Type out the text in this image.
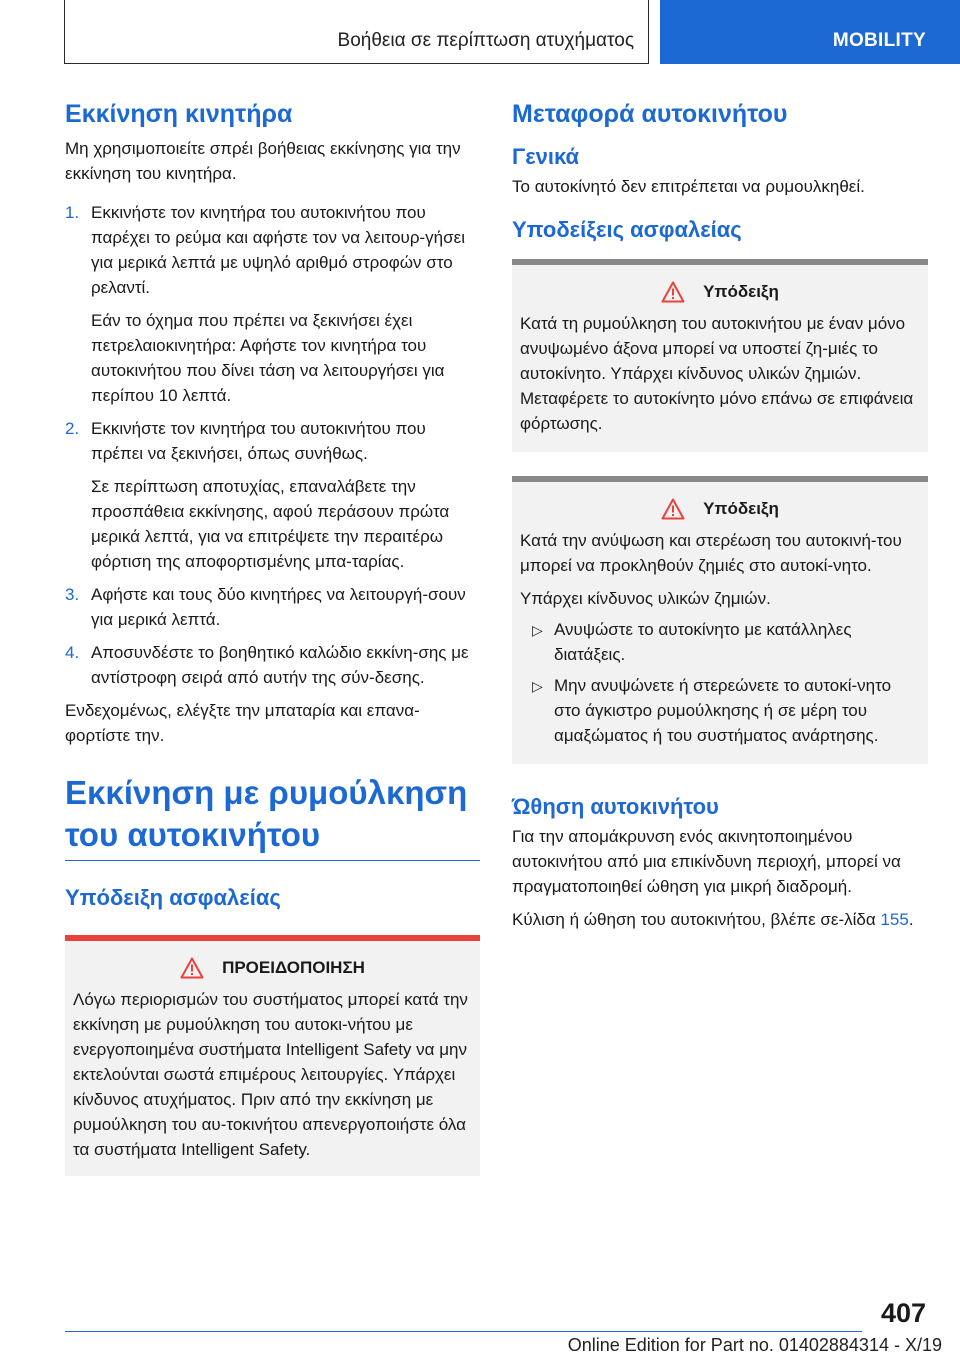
Βοήθεια σε περίπτωση ατυχήματος	MOBILITY
Εκκίνηση κινητήρα

Μη χρησιμοποιείτε σπρέι βοήθειας εκκίνησης για την εκκίνηση του κινητήρα.

1. Εκκινήστε τον κινητήρα του αυτοκινήτου που παρέχει το ρεύμα και αφήστε τον να λειτουρ-γήσει για μερικά λεπτά με υψηλό αριθμό στροφών στο ρελαντί.

Εάν το όχημα που πρέπει να ξεκινήσει έχει πετρελαιοκινητήρα: Αφήστε τον κινητήρα του αυτοκινήτου που δίνει τάση να λειτουργήσει για περίπου 10 λεπτά.

2. Εκκινήστε τον κινητήρα του αυτοκινήτου που πρέπει να ξεκινήσει, όπως συνήθως.

Σε περίπτωση αποτυχίας, επαναλάβετε την προσπάθεια εκκίνησης, αφού περάσουν πρώτα μερικά λεπτά, για να επιτρέψετε την περαιτέρω φόρτιση της αποφορτισμένης μπα-ταρίας.

3. Αφήστε και τους δύο κινητήρες να λειτουργή-σουν για μερικά λεπτά.

4. Αποσυνδέστε το βοηθητικό καλώδιο εκκίνη-σης με αντίστροφη σειρά από αυτήν της σύν-δεσης.

Ενδεχομένως, ελέγξτε την μπαταρία και επανα-φορτίστε την.

Εκκίνηση με ρυμούλκηση του αυτοκινήτου
Υπόδειξη ασφαλείας
ΠΡΟΕΙΔΟΠΟΙΗΣΗ

Λόγω περιορισμών του συστήματος μπορεί κατά την εκκίνηση με ρυμούλκηση του αυτοκι-νήτου με ενεργοποιημένα συστήματα Intelligent Safety να μην εκτελούνται σωστά επιμέρους λειτουργίες. Υπάρχει κίνδυνος ατυχήματος. Πριν από την εκκίνηση με ρυμούλκηση του αυ-τοκινήτου απενεργοποιήστε όλα τα συστήματα Intelligent Safety.

Μεταφορά αυτοκινήτου
Γενικά

Το αυτοκίνητό δεν επιτρέπεται να ρυμουλκηθεί.

Υποδείξεις ασφαλείας
Υπόδειξη

Κατά τη ρυμούλκηση του αυτοκινήτου με έναν μόνο ανυψωμένο άξονα μπορεί να υποστεί ζη-μιές το αυτοκίνητο. Υπάρχει κίνδυνος υλικών ζημιών. Μεταφέρετε το αυτοκίνητο μόνο επάνω σε επιφάνεια φόρτωσης.

Υπόδειξη

Κατά την ανύψωση και στερέωση του αυτοκινή-του μπορεί να προκληθούν ζημιές στο αυτοκί-νητο.

Υπάρχει κίνδυνος υλικών ζημιών.

▷ Ανυψώστε το αυτοκίνητο με κατάλληλες διατάξεις.

▷ Μην ανυψώνετε ή στερεώνετε το αυτοκί-νητο στο άγκιστρο ρυμούλκησης ή σε μέρη του αμαξώματος ή του συστήματος ανάρτησης.

Ώθηση αυτοκινήτου

Για την απομάκρυνση ενός ακινητοποιημένου αυτοκινήτου από μια επικίνδυνη περιοχή, μπορεί να πραγματοποιηθεί ώθηση για μικρή διαδρομή.

Κύλιση ή ώθηση του αυτοκινήτου, βλέπε σε-λίδα 155.

407
Online Edition for Part no. 01402884314 - X/19
